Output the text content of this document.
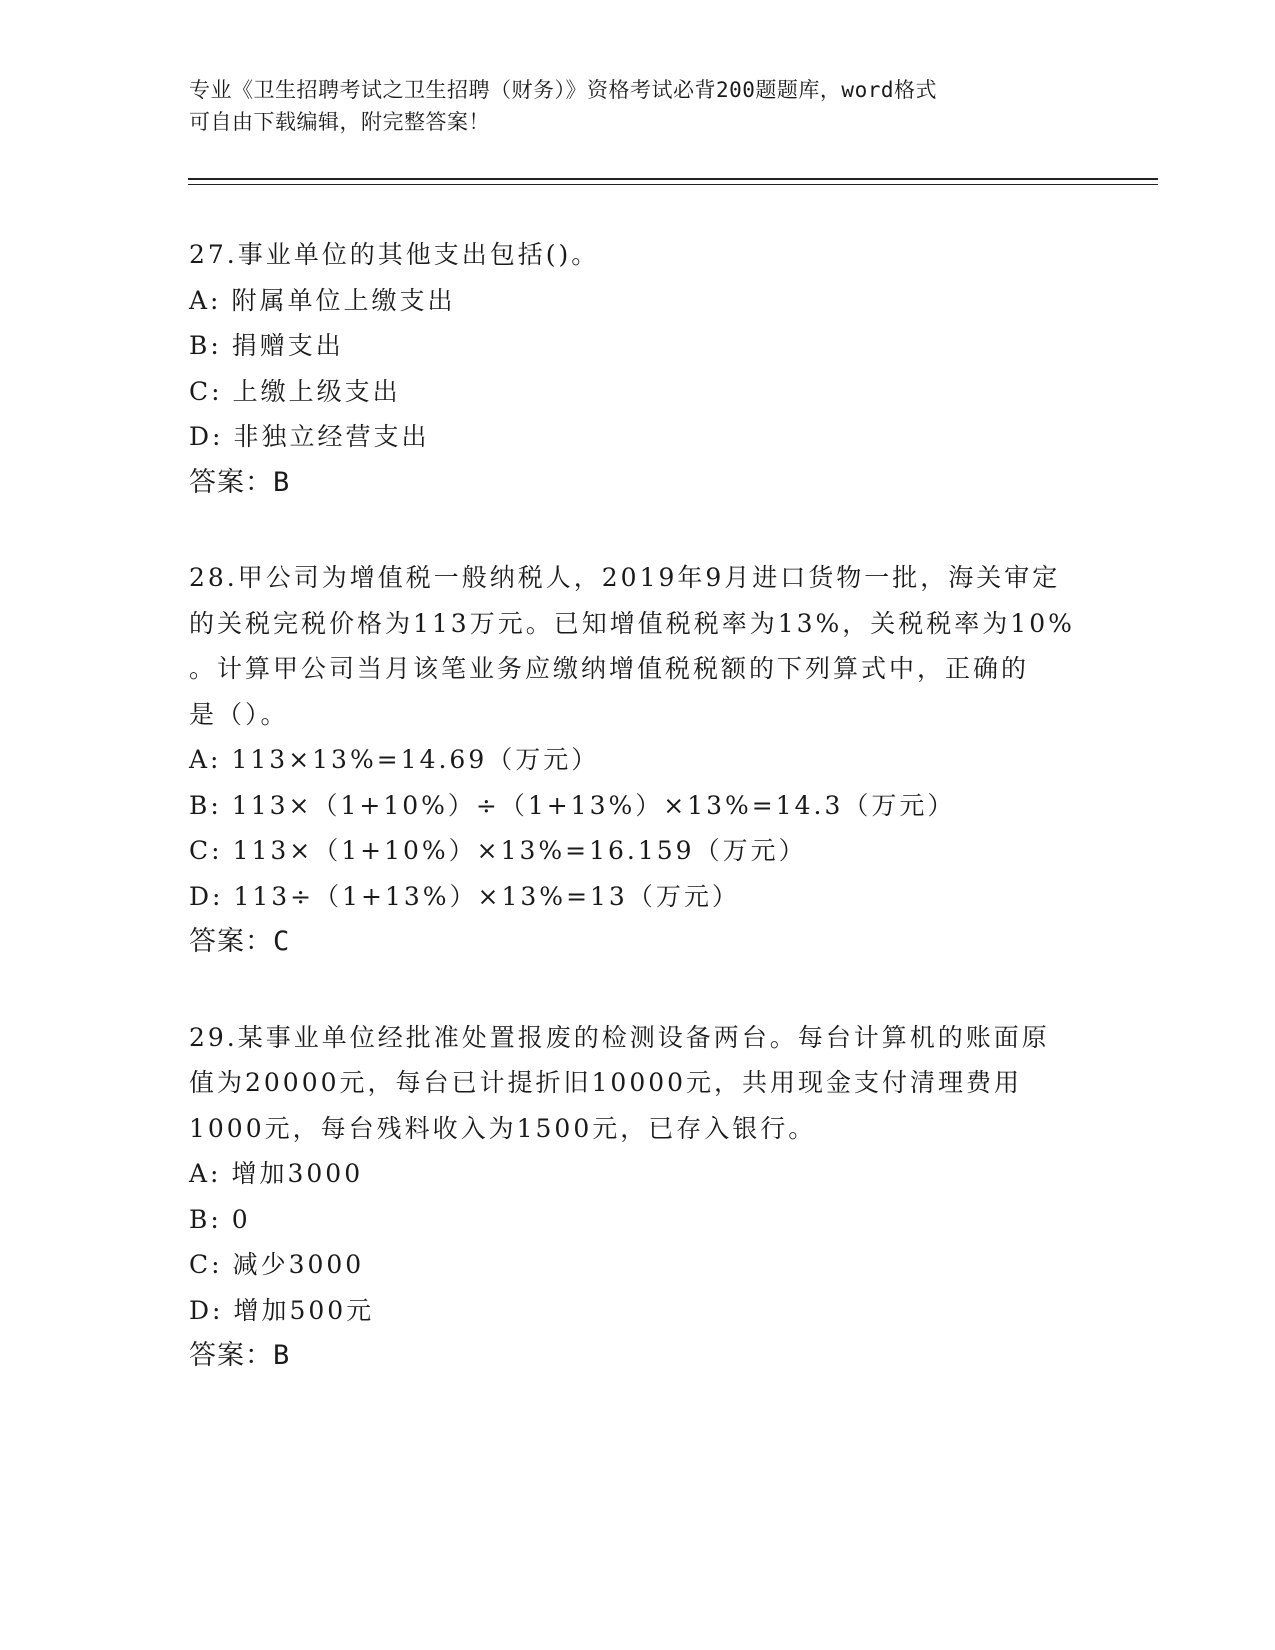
专业《卫生招聘考试之卫生招聘（财务）》资格考试必背200题题库，word格式
可自由下载编辑，附完整答案！
27.事业单位的其他支出包括()。
A: 附属单位上缴支出
B: 捐赠支出
C: 上缴上级支出
D: 非独立经营支出
答案：B
28.甲公司为增值税一般纳税人，2019年9月进口货物一批，海关审定
的关税完税价格为113万元。已知增值税税率为13%，关税税率为10%
。计算甲公司当月该笔业务应缴纳增值税税额的下列算式中，正确的
是（）。
A: 113×13%=14.69（万元）
B: 113×（1+10%）÷（1+13%）×13%=14.3（万元）
C: 113×（1+10%）×13%=16.159（万元）
D: 113÷（1+13%）×13%=13（万元）
答案：C
29.某事业单位经批准处置报废的检测设备两台。每台计算机的账面原
值为20000元，每台已计提折旧10000元，共用现金支付清理费用
1000元，每台残料收入为1500元，已存入银行。
A: 增加3000
B: 0
C: 减少3000
D: 增加500元
答案：B
